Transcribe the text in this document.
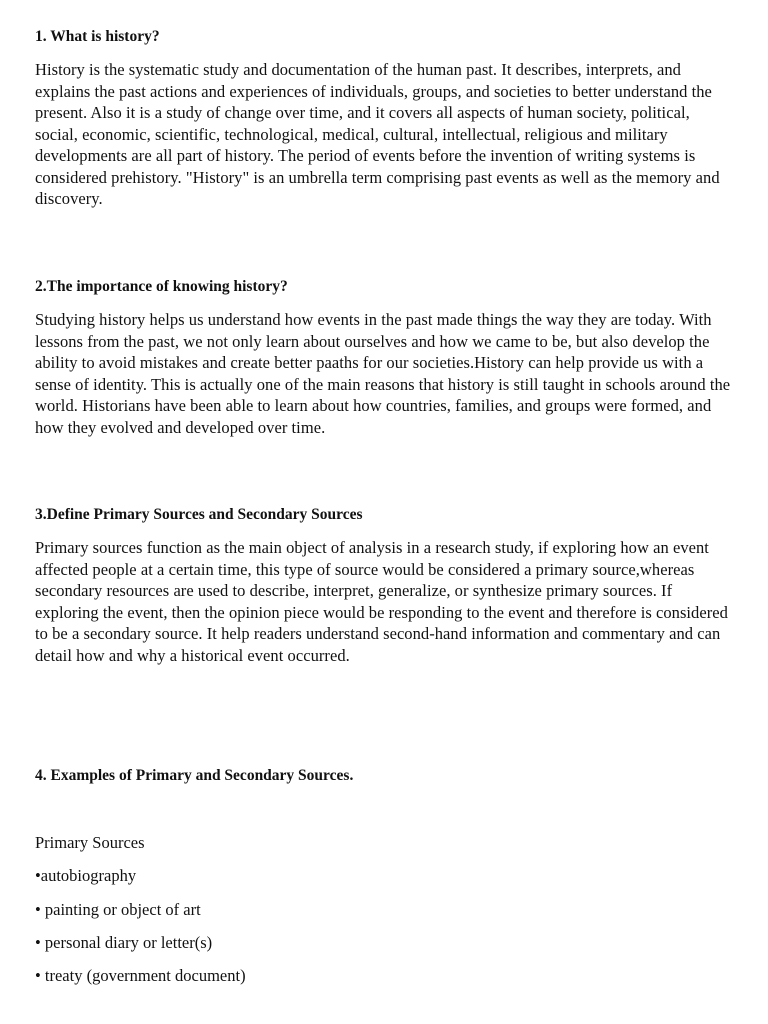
1. What is history?

History is the systematic study and documentation of the human past. It describes, interprets, and explains the past actions and experiences of individuals, groups, and societies to better understand the present. Also it is a study of change over time, and it covers all aspects of human society, political, social, economic, scientific, technological, medical, cultural, intellectual, religious and military developments are all part of history. The period of events before the invention of writing systems is considered prehistory. "History" is an umbrella term comprising past events as well as the memory and discovery.

2.The importance of knowing history?

Studying history helps us understand how events in the past made things the way they are today. With lessons from the past, we not only learn about ourselves and how we came to be, but also develop the ability to avoid mistakes and create better paaths for our societies.History can help provide us with a sense of identity. This is actually one of the main reasons that history is still taught in schools around the world. Historians have been able to learn about how countries, families, and groups were formed, and how they evolved and developed over time.

3.Define Primary Sources and Secondary Sources

Primary sources function as the main object of analysis in a research study, if exploring how an event affected people at a certain time, this type of source would be considered a primary source,whereas secondary resources are used to describe, interpret, generalize, or synthesize primary sources. If exploring the event, then the opinion piece would be responding to the event and therefore is considered to be a secondary source. It help readers understand second-hand information and commentary and can detail how and why a historical event occurred.

4. Examples of Primary and Secondary Sources.

Primary Sources

•autobiography

• painting or object of art

• personal diary or letter(s)

• treaty (government document)
